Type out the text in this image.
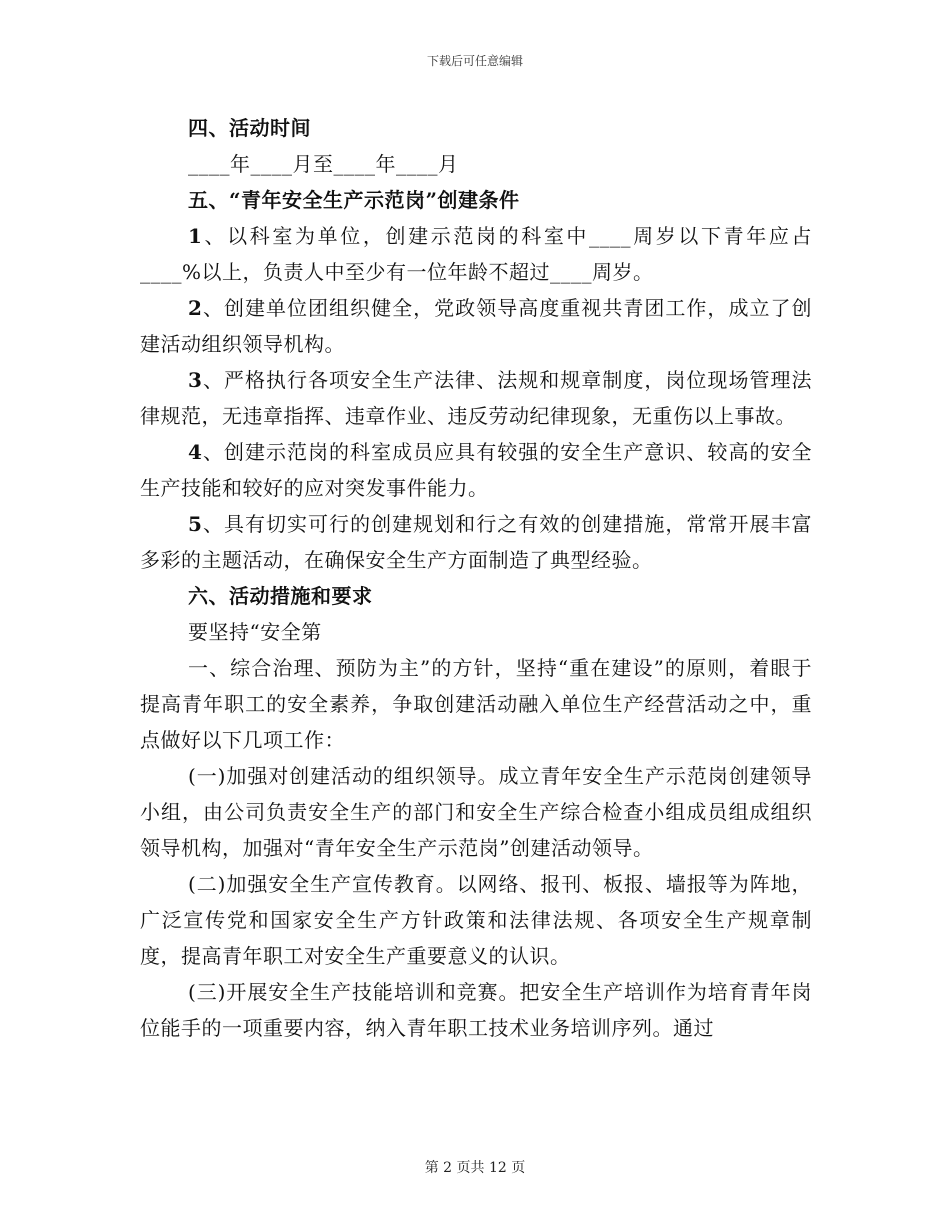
下载后可任意编辑

四、活动时间

____年____月至____年____月

五、“青年安全生产示范岗”创建条件

1、以科室为单位，创建示范岗的科室中____周岁以下青年应占____%以上，负责人中至少有一位年龄不超过____周岁。

2、创建单位团组织健全，党政领导高度重视共青团工作，成立了创建活动组织领导机构。

3、严格执行各项安全生产法律、法规和规章制度，岗位现场管理法律规范，无违章指挥、违章作业、违反劳动纪律现象，无重伤以上事故。

4、创建示范岗的科室成员应具有较强的安全生产意识、较高的安全生产技能和较好的应对突发事件能力。

5、具有切实可行的创建规划和行之有效的创建措施，常常开展丰富多彩的主题活动，在确保安全生产方面制造了典型经验。

六、活动措施和要求

要坚持“安全第

一、综合治理、预防为主”的方针，坚持“重在建设”的原则，着眼于提高青年职工的安全素养，争取创建活动融入单位生产经营活动之中，重点做好以下几项工作：

(一)加强对创建活动的组织领导。成立青年安全生产示范岗创建领导小组，由公司负责安全生产的部门和安全生产综合检查小组成员组成组织领导机构，加强对“青年安全生产示范岗”创建活动领导。

(二)加强安全生产宣传教育。以网络、报刊、板报、墙报等为阵地，广泛宣传党和国家安全生产方针政策和法律法规、各项安全生产规章制度，提高青年职工对安全生产重要意义的认识。

(三)开展安全生产技能培训和竞赛。把安全生产培训作为培育青年岗位能手的一项重要内容，纳入青年职工技术业务培训序列。通过

第 2 页共 12 页
